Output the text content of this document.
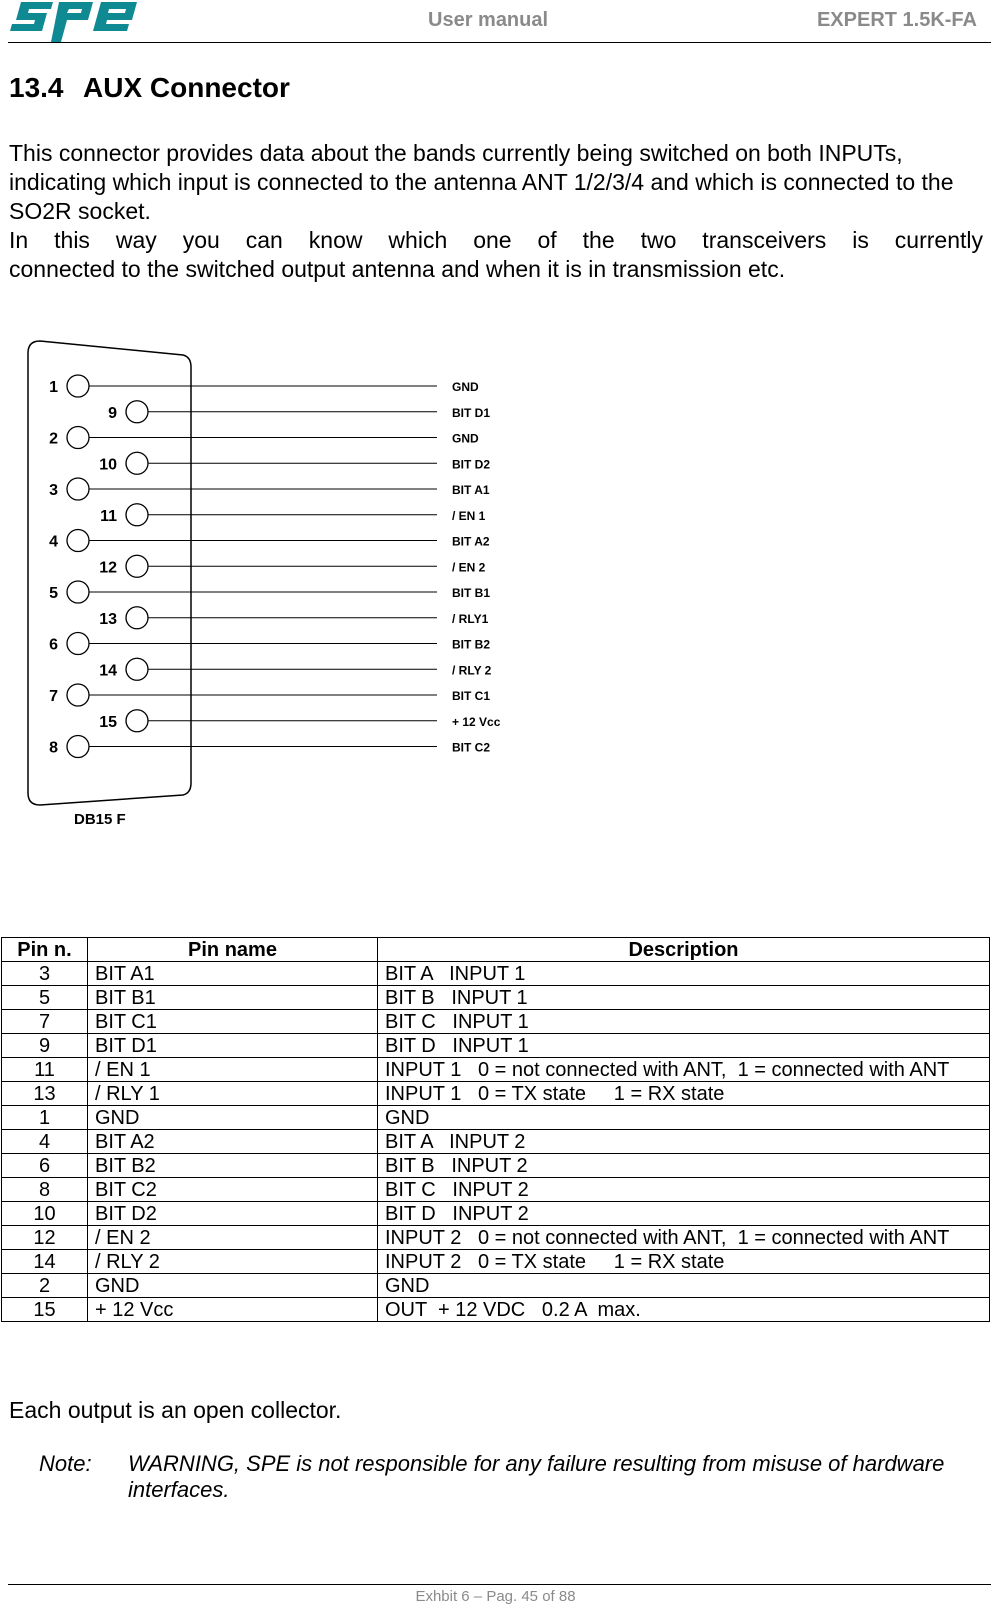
User manual	EXPERT 1.5K-FA
13.4 AUX Connector

This connector provides data about the bands currently being switched on both INPUTs, indicating which input is connected to the antenna ANT 1/2/3/4 and which is connected to the SO2R socket.

In this way you can know which one of the two transceivers is currently

connected to the switched output antenna and when it is in transmission etc.

1	GND
9	BIT D1
2	GND
10	BIT D2
3	BIT A1
11	/ EN 1
4	BIT A2
12	/ EN 2
5	BIT B1
13	/ RLY1
6	BIT B2
14	/ RLY 2
7	BIT C1
15	+ 12 Vcc
8	BIT C2
DB15 F
Pin n.	Pin name	Description
3	BIT A1	BIT A   INPUT 1
5	BIT B1	BIT B   INPUT 1
7	BIT C1	BIT C   INPUT 1
9	BIT D1	BIT D   INPUT 1
11	/ EN 1	INPUT 1   0 = not connected with ANT,  1 = connected with ANT
13	/ RLY 1	INPUT 1   0 = TX state     1 = RX state
1	GND	GND
4	BIT A2	BIT A   INPUT 2
6	BIT B2	BIT B   INPUT 2
8	BIT C2	BIT C   INPUT 2
10	BIT D2	BIT D   INPUT 2
12	/ EN 2	INPUT 2   0 = not connected with ANT,  1 = connected with ANT
14	/ RLY 2	INPUT 2   0 = TX state     1 = RX state
2	GND	GND
15	+ 12 Vcc	OUT  + 12 VDC   0.2 A  max.
Each output is an open collector.
Note: WARNING, SPE is not responsible for any failure resulting from misuse of hardware interfaces.
Exhbit 6 – Pag. 45 of 88
